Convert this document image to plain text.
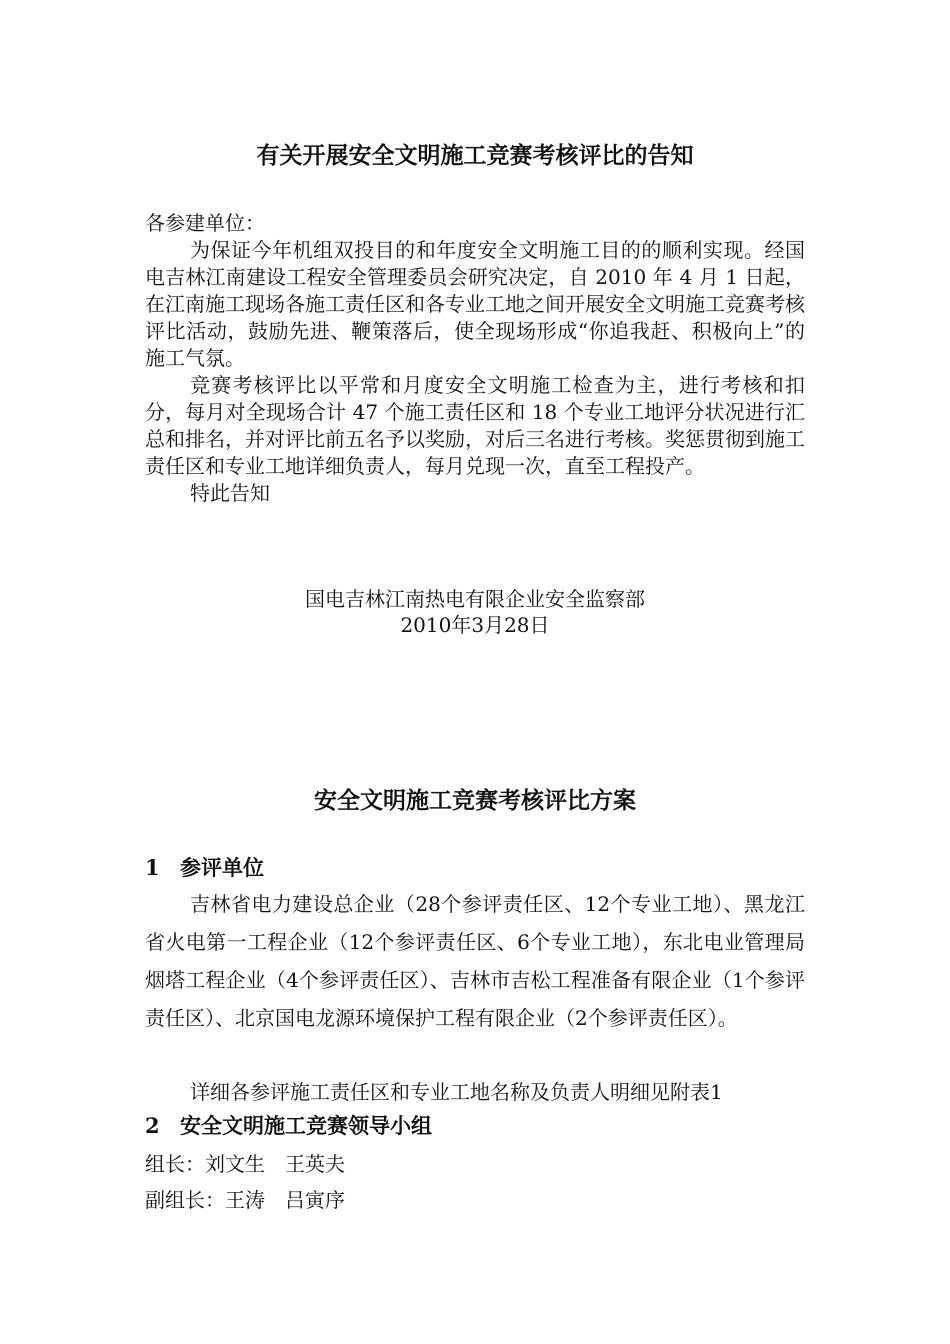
有关开展安全文明施工竞赛考核评比的告知
各参建单位：
为保证今年机组双投目的和年度安全文明施工目的的顺利实现。经国电吉林江南建设工程安全管理委员会研究决定，自 2010 年 4 月 1 日起，在江南施工现场各施工责任区和各专业工地之间开展安全文明施工竞赛考核评比活动，鼓励先进、鞭策落后，使全现场形成“你追我赶、积极向上”的施工气氛。
竞赛考核评比以平常和月度安全文明施工检查为主，进行考核和扣分，每月对全现场合计 47 个施工责任区和 18 个专业工地评分状况进行汇总和排名，并对评比前五名予以奖励，对后三名进行考核。奖惩贯彻到施工责任区和专业工地详细负责人，每月兑现一次，直至工程投产。
特此告知
国电吉林江南热电有限企业安全监察部
2010年3月28日
安全文明施工竞赛考核评比方案
1 参评单位
吉林省电力建设总企业（28个参评责任区、12个专业工地）、黑龙江省火电第一工程企业（12个参评责任区、6个专业工地），东北电业管理局烟塔工程企业（4个参评责任区）、吉林市吉松工程准备有限企业（1个参评责任区）、北京国电龙源环境保护工程有限企业（2个参评责任区）。
详细各参评施工责任区和专业工地名称及负责人明细见附表1
2 安全文明施工竞赛领导小组
组长：刘文生 王英夫
副组长：王涛 吕寅序
